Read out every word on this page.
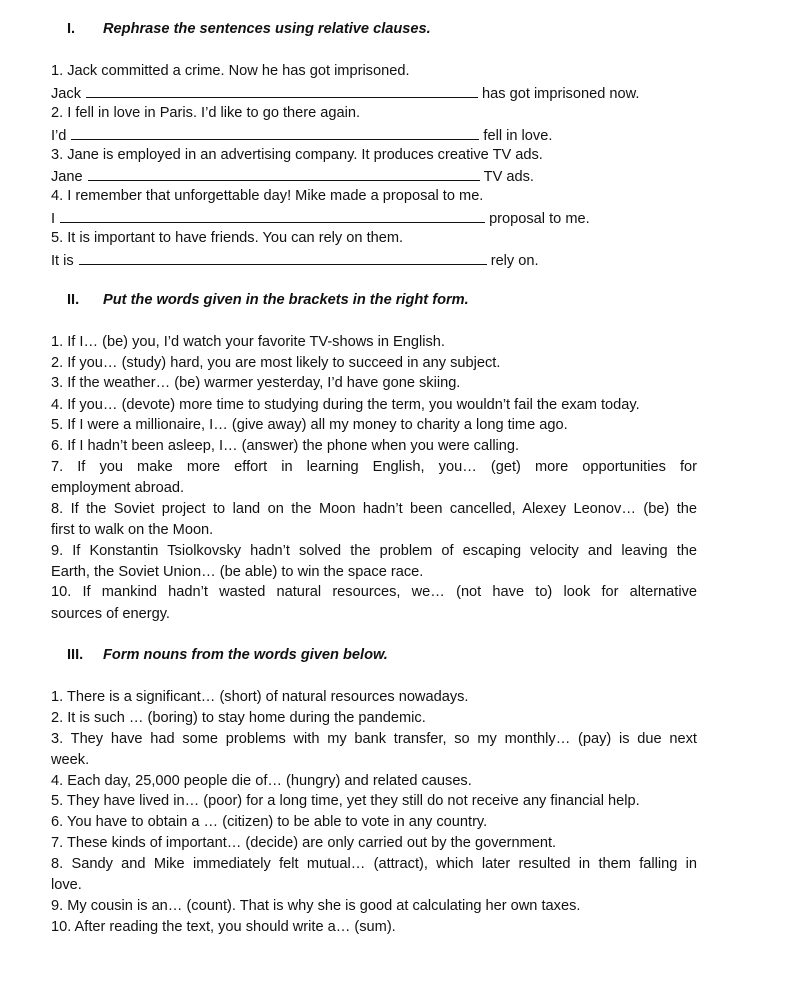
I. Rephrase the sentences using relative clauses.
1. Jack committed a crime. Now he has got imprisoned.
Jack	has got imprisoned now.
2. I fell in love in Paris. I’d like to go there again.
I’d	fell in love.
3. Jane is employed in an advertising company. It produces creative TV ads.
Jane	TV ads.
4. I remember that unforgettable day! Mike made a proposal to me.
I	proposal to me.
5. It is important to have friends. You can rely on them.
It is	rely on.
II. Put the words given in the brackets in the right form.
1. If I… (be) you, I’d watch your favorite TV-shows in English.
2. If you… (study) hard, you are most likely to succeed in any subject.
3. If the weather… (be) warmer yesterday, I’d have gone skiing.
4. If you… (devote) more time to studying during the term, you wouldn’t fail the exam today.
5. If I were a millionaire, I… (give away) all my money to charity a long time ago.
6. If I hadn’t been asleep, I… (answer) the phone when you were calling.
7. If you make more effort in learning English, you… (get) more opportunities for
employment abroad.
8. If the Soviet project to land on the Moon hadn’t been cancelled, Alexey Leonov… (be) the
first to walk on the Moon.
9. If Konstantin Tsiolkovsky hadn’t solved the problem of escaping velocity and leaving the
Earth, the Soviet Union… (be able) to win the space race.
10. If mankind hadn’t wasted natural resources, we… (not have to) look for alternative
sources of energy.
III. Form nouns from the words given below.
1. There is a significant… (short) of natural resources nowadays.
2. It is such … (boring) to stay home during the pandemic.
3. They have had some problems with my bank transfer, so my monthly… (pay) is due next
week.
4. Each day, 25,000 people die of… (hungry) and related causes.
5. They have lived in… (poor) for a long time, yet they still do not receive any financial help.
6. You have to obtain a … (citizen) to be able to vote in any country.
7. These kinds of important… (decide) are only carried out by the government.
8. Sandy and Mike immediately felt mutual… (attract), which later resulted in them falling in
love.
9. My cousin is an… (count). That is why she is good at calculating her own taxes.
10. After reading the text, you should write a… (sum).
